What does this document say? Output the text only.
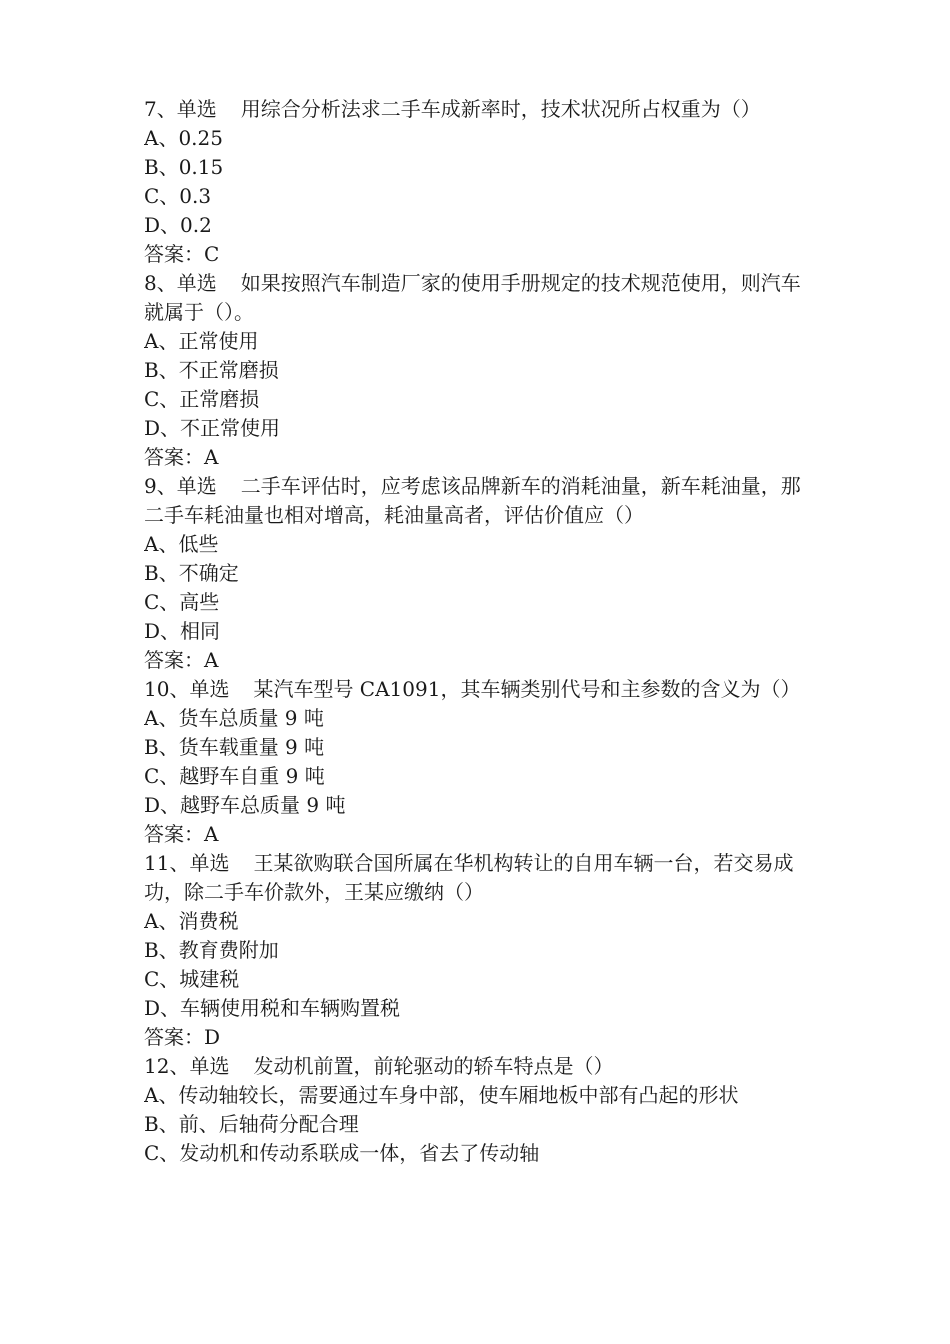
7、单选 用综合分析法求二手车成新率时，技术状况所占权重为（）
A、0.25
B、0.15
C、0.3
D、0.2
答案：C
8、单选 如果按照汽车制造厂家的使用手册规定的技术规范使用，则汽车就属于（）。
A、正常使用
B、不正常磨损
C、正常磨损
D、不正常使用
答案：A
9、单选 二手车评估时，应考虑该品牌新车的消耗油量，新车耗油量，那二手车耗油量也相对增高，耗油量高者，评估价值应（）
A、低些
B、不确定
C、高些
D、相同
答案：A
10、单选 某汽车型号 CA1091，其车辆类别代号和主参数的含义为（）
A、货车总质量 9 吨
B、货车载重量 9 吨
C、越野车自重 9 吨
D、越野车总质量 9 吨
答案：A
11、单选 王某欲购联合国所属在华机构转让的自用车辆一台，若交易成功，除二手车价款外，王某应缴纳（）
A、消费税
B、教育费附加
C、城建税
D、车辆使用税和车辆购置税
答案：D
12、单选 发动机前置，前轮驱动的轿车特点是（）
A、传动轴较长，需要通过车身中部，使车厢地板中部有凸起的形状
B、前、后轴荷分配合理
C、发动机和传动系联成一体，省去了传动轴
